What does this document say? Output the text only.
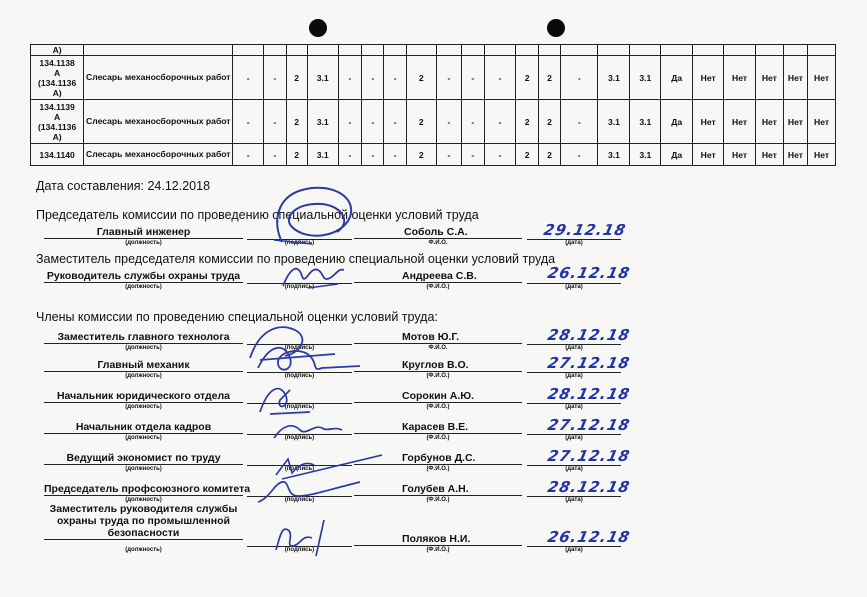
А)																							

134.1138
А
(134.1136
А)	Слесарь механосборочных работ	-	-	2	3.1	-	-	-	2	-	-	-	2	2	-	3.1	3.1	Да	Нет	Нет	Нет	Нет	Нет

134.1139
А
(134.1136
А)	Слесарь механосборочных работ	-	-	2	3.1	-	-	-	2	-	-	-	2	2	-	3.1	3.1	Да	Нет	Нет	Нет	Нет	Нет

134.1140	Слесарь механосборочных работ	-	-	2	3.1	-	-	-	2	-	-	-	2	2	-	3.1	3.1	Да	Нет	Нет	Нет	Нет	Нет
Дата составления: 24.12.2018
Председатель комиссии по проведению специальной оценки условий труда
Главный инженер	Соболь С.А.	29.12.18
(должность)	(подпись)	Ф.И.О.	(дата)
Заместитель председателя комиссии по проведению специальной оценки условий труда
Руководитель службы охраны труда	Андреева С.В.	26.12.18
(должность)	(подпись)	(Ф.И.О.)	(дата)
Члены комиссии по проведению специальной оценки условий труда:
Заместитель главного технолога	Мотов Ю.Г.	28.12.18
(должность)	(подпись)	Ф.И.О.	(дата)
Главный механик	Круглов В.О.	27.12.18
(должность)	(подпись)	(Ф.И.О.)	(дата)
Начальник юридического отдела	Сорокин А.Ю.	28.12.18
(должность)	(подпись)	(Ф.И.О.)	(дата)
Начальник отдела кадров	Карасев В.Е.	27.12.18
(должность)	(подпись)	(Ф.И.О.)	(дата)
Ведущий экономист по труду	Горбунов Д.С.	27.12.18
(должность)	(подпись)	(Ф.И.О.)	(дата)
Председатель профсоюзного комитета	Голубев А.Н.	28.12.18
(должность)	(подпись)	(Ф.И.О.)	(дата)
Заместитель руководителя службы охраны труда по промышленной безопасности	Поляков Н.И.	26.12.18
(должность)	(подпись)	(Ф.И.О.)	(дата)
